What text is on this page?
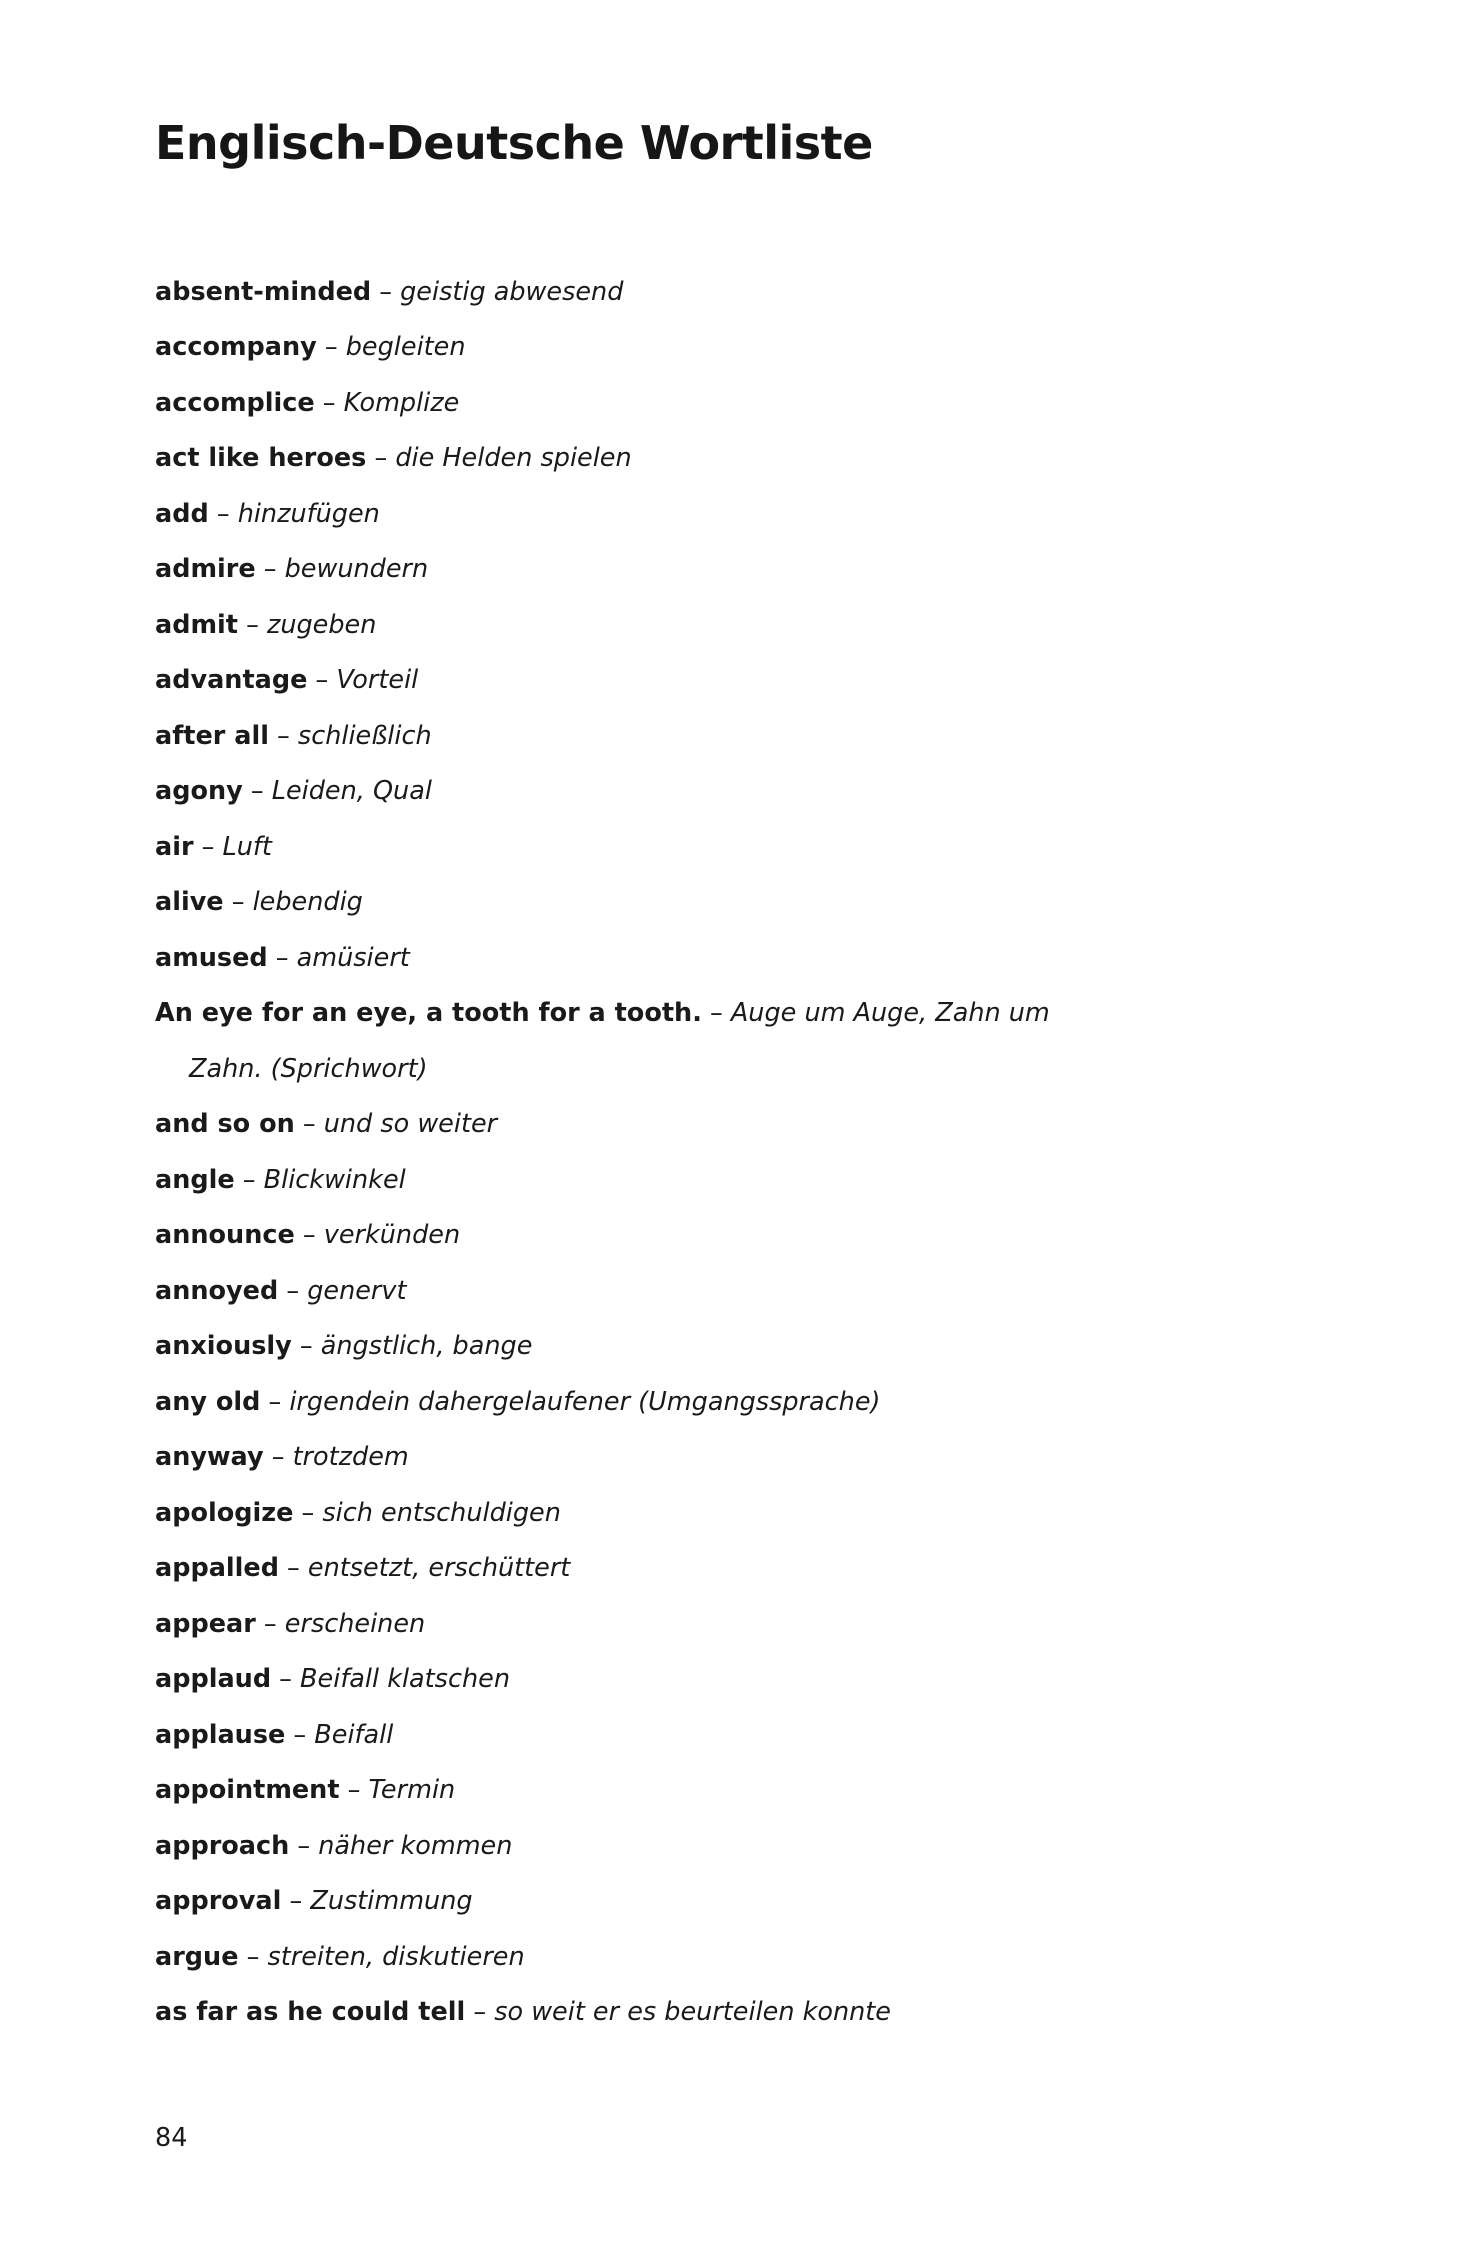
Englisch-Deutsche Wortliste
absent-minded – geistig abwesend
accompany – begleiten
accomplice – Komplize
act like heroes – die Helden spielen
add – hinzufügen
admire – bewundern
admit – zugeben
advantage – Vorteil
after all – schließlich
agony – Leiden, Qual
air – Luft
alive – lebendig
amused – amüsiert
An eye for an eye, a tooth for a tooth. – Auge um Auge, Zahn um
Zahn. (Sprichwort)
and so on – und so weiter
angle – Blickwinkel
announce – verkünden
annoyed – genervt
anxiously – ängstlich, bange
any old – irgendein dahergelaufener (Umgangssprache)
anyway – trotzdem
apologize – sich entschuldigen
appalled – entsetzt, erschüttert
appear – erscheinen
applaud – Beifall klatschen
applause – Beifall
appointment – Termin
approach – näher kommen
approval – Zustimmung
argue – streiten, diskutieren
as far as he could tell – so weit er es beurteilen konnte
84
